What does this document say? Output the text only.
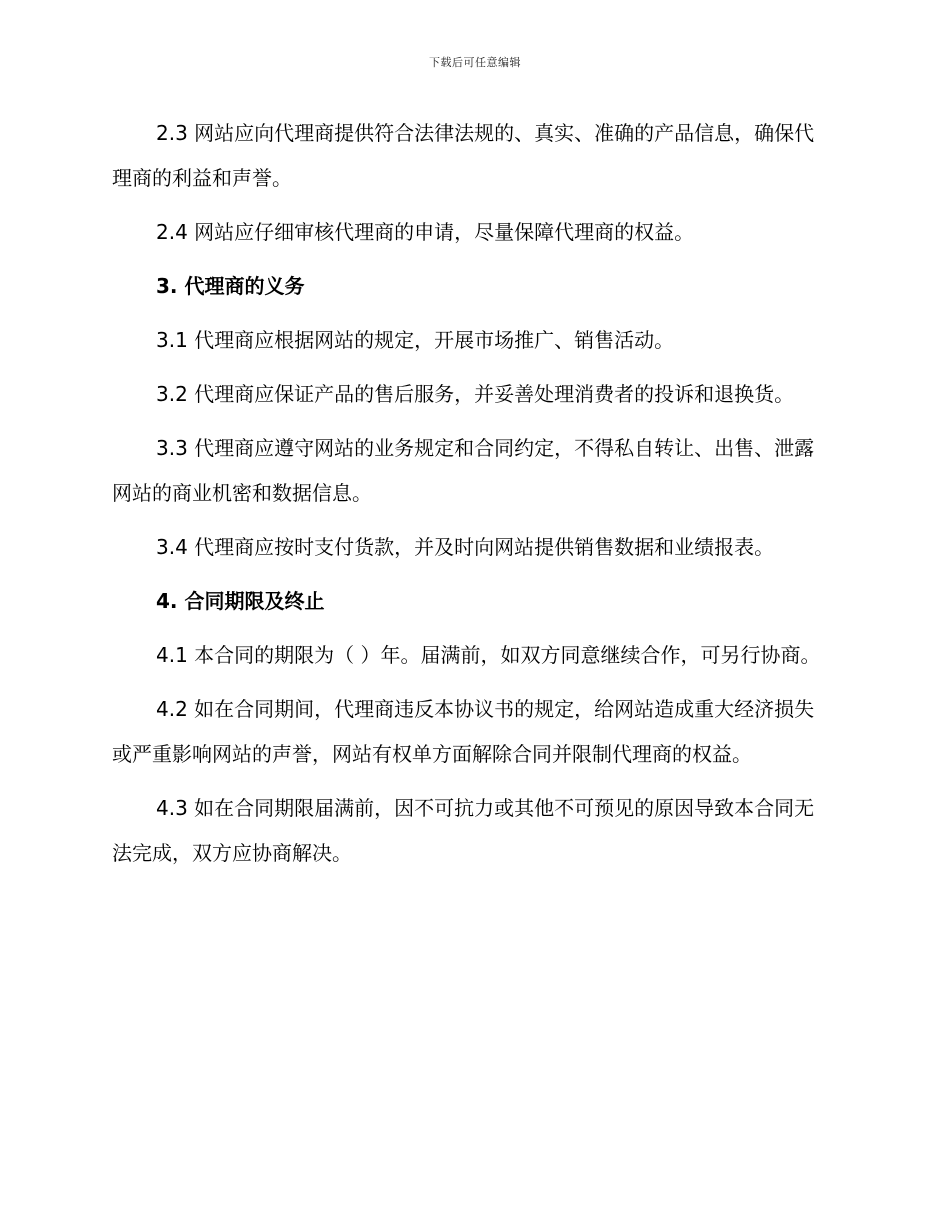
下载后可任意编辑

2.3 网站应向代理商提供符合法律法规的、真实、准确的产品信息，确保代理商的利益和声誉。

2.4 网站应仔细审核代理商的申请，尽量保障代理商的权益。

3. 代理商的义务

3.1 代理商应根据网站的规定，开展市场推广、销售活动。

3.2 代理商应保证产品的售后服务，并妥善处理消费者的投诉和退换货。

3.3 代理商应遵守网站的业务规定和合同约定，不得私自转让、出售、泄露网站的商业机密和数据信息。

3.4 代理商应按时支付货款，并及时向网站提供销售数据和业绩报表。

4. 合同期限及终止

4.1 本合同的期限为（ ）年。届满前，如双方同意继续合作，可另行协商。

4.2 如在合同期间，代理商违反本协议书的规定，给网站造成重大经济损失或严重影响网站的声誉，网站有权单方面解除合同并限制代理商的权益。

4.3 如在合同期限届满前，因不可抗力或其他不可预见的原因导致本合同无法完成，双方应协商解决。
